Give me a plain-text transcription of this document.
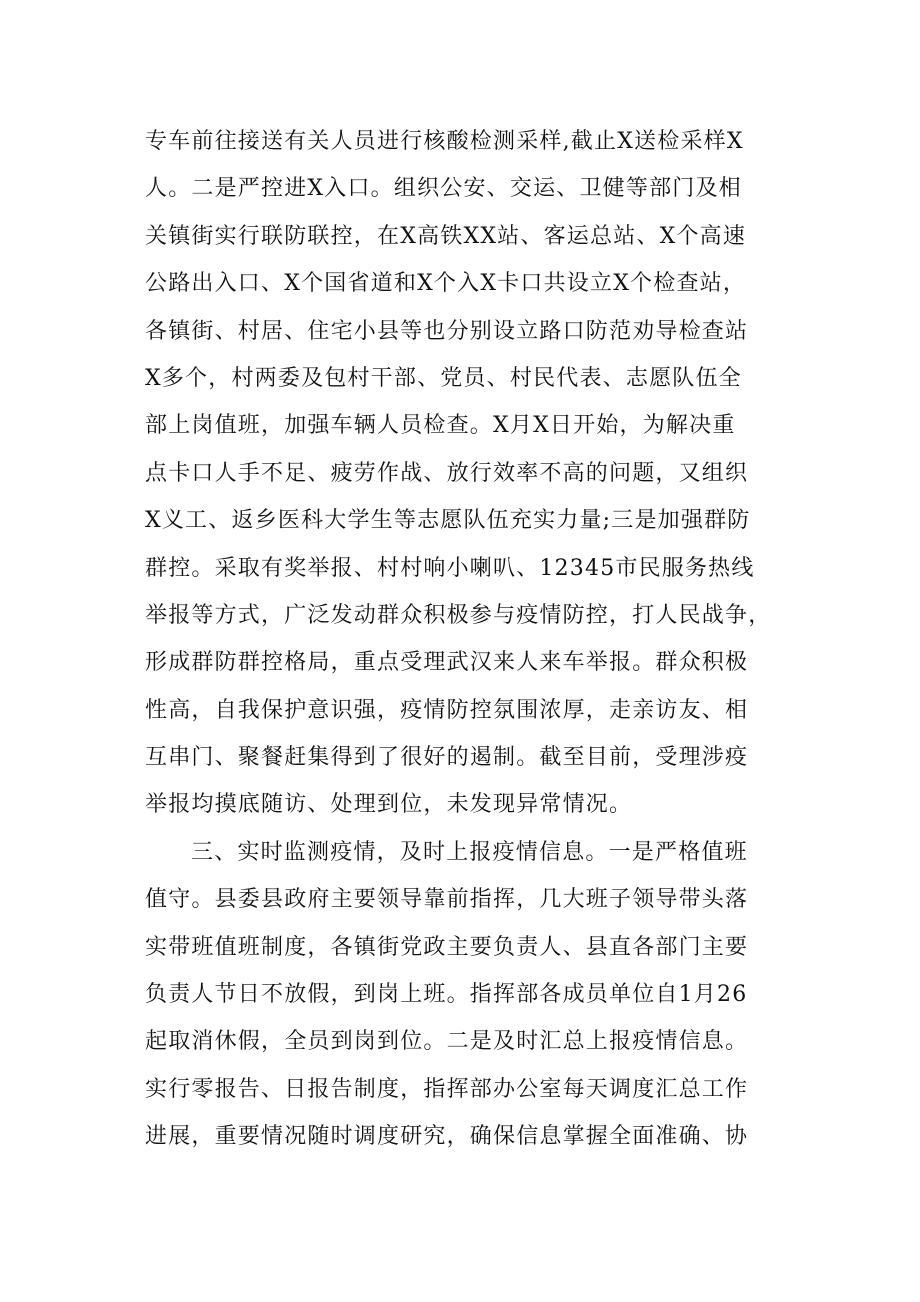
专车前往接送有关人员进行核酸检测采样,截止X送检采样X
人。二是严控进X入口。组织公安、交运、卫健等部门及相
关镇街实行联防联控，在X高铁XX站、客运总站、X个高速
公路出入口、X个国省道和X个入X卡口共设立X个检查站，
各镇街、村居、住宅小县等也分别设立路口防范劝导检查站
X多个，村两委及包村干部、党员、村民代表、志愿队伍全
部上岗值班，加强车辆人员检查。X月X日开始，为解决重
点卡口人手不足、疲劳作战、放行效率不高的问题，又组织
X义工、返乡医科大学生等志愿队伍充实力量;三是加强群防
群控。采取有奖举报、村村响小喇叭、12345市民服务热线
举报等方式，广泛发动群众积极参与疫情防控，打人民战争，
形成群防群控格局，重点受理武汉来人来车举报。群众积极
性高，自我保护意识强，疫情防控氛围浓厚，走亲访友、相
互串门、聚餐赶集得到了很好的遏制。截至目前，受理涉疫
举报均摸底随访、处理到位，未发现异常情况。
三、实时监测疫情，及时上报疫情信息。一是严格值班
值守。县委县政府主要领导靠前指挥，几大班子领导带头落
实带班值班制度，各镇街党政主要负责人、县直各部门主要
负责人节日不放假，到岗上班。指挥部各成员单位自1月26
起取消休假，全员到岗到位。二是及时汇总上报疫情信息。
实行零报告、日报告制度，指挥部办公室每天调度汇总工作
进展，重要情况随时调度研究，确保信息掌握全面准确、协
